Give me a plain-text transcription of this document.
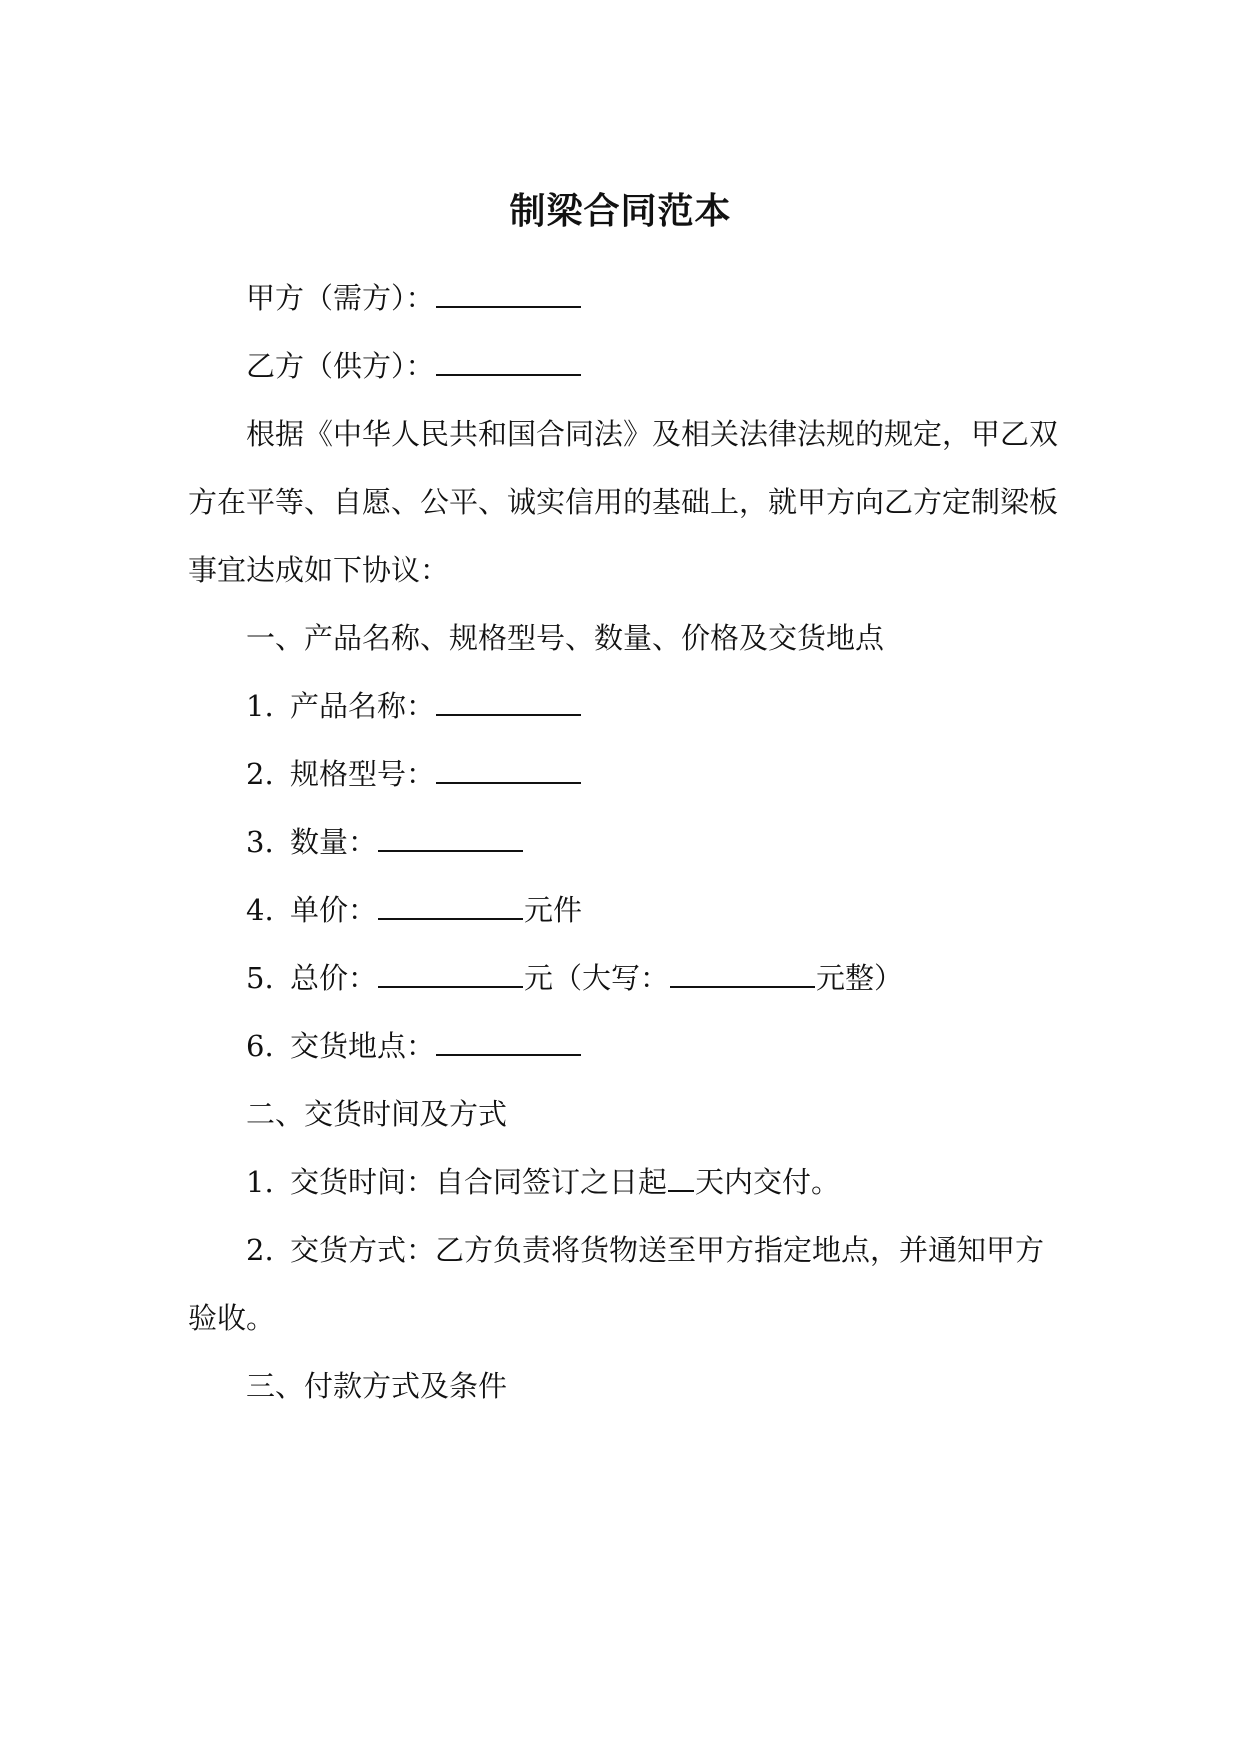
制梁合同范本
甲方（需方）：
乙方（供方）：
根据《中华人民共和国合同法》及相关法律法规的规定，甲乙双
方在平等、自愿、公平、诚实信用的基础上，就甲方向乙方定制梁板
事宜达成如下协议：
一、产品名称、规格型号、数量、价格及交货地点
1. 产品名称：
2. 规格型号：
3. 数量：
4. 单价：	元件
5. 总价：	元（大写：	元整）
6. 交货地点：
二、交货时间及方式
1. 交货时间：自合同签订之日起 天内交付。
2. 交货方式：乙方负责将货物送至甲方指定地点，并通知甲方
验收。
三、付款方式及条件
